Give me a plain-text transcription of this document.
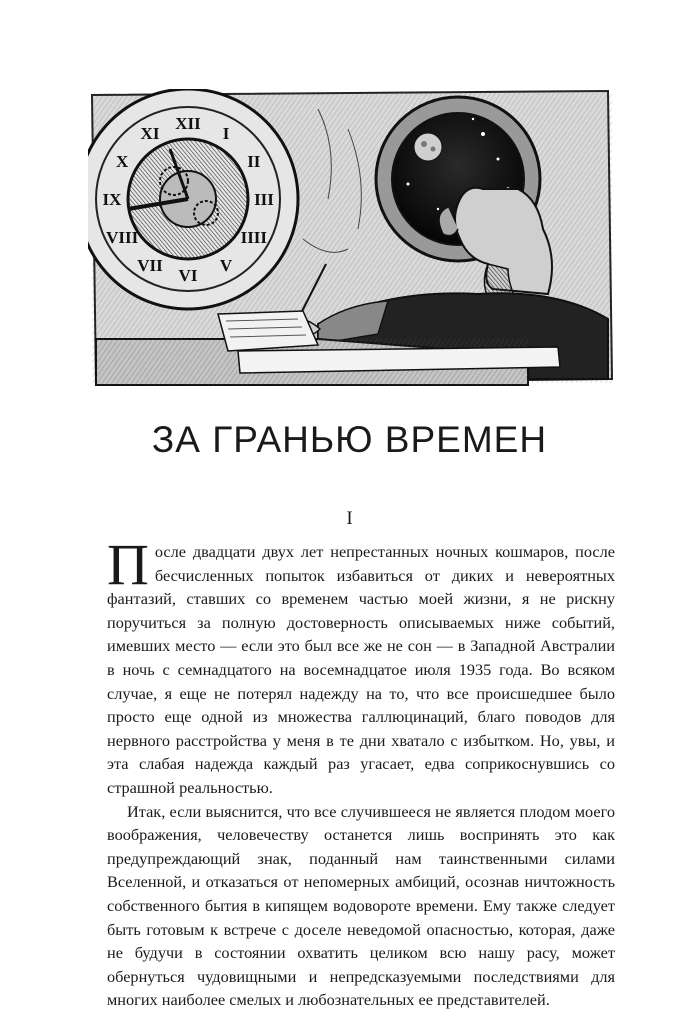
XII
I
II
III
IIII
V
VI
VII
VIII
IX
X
XI
ЗА ГРАНЬЮ ВРЕМЕН
I

После двадцати двух лет непрестанных ночных кошмаров, после бесчисленных попыток избавиться от диких и невероятных фантазий, ставших со временем частью моей жизни, я не рискну поручиться за полную достоверность описываемых ниже событий, имевших место — если это был все же не сон — в Западной Австралии в ночь с семнадцатого на восемнадцатое июля 1935 года. Во всяком случае, я еще не потерял надежду на то, что все происшедшее было просто еще одной из множества галлюцинаций, благо поводов для нервного расстройства у меня в те дни хватало с избытком. Но, увы, и эта слабая надежда каждый раз угасает, едва соприкоснувшись со страшной реальностью.

Итак, если выяснится, что все случившееся не является плодом моего воображения, человечеству останется лишь воспринять это как предупреждающий знак, поданный нам таинственными силами Вселенной, и отказаться от непомерных амбиций, осознав ничтожность собственного бытия в кипящем водовороте времени. Ему также следует быть готовым к встрече с доселе неведомой опасностью, которая, даже не будучи в состоянии охватить целиком всю нашу расу, может обернуться чудовищными и непредсказуемыми последствиями для многих наиболее смелых и любознательных ее представителей.
